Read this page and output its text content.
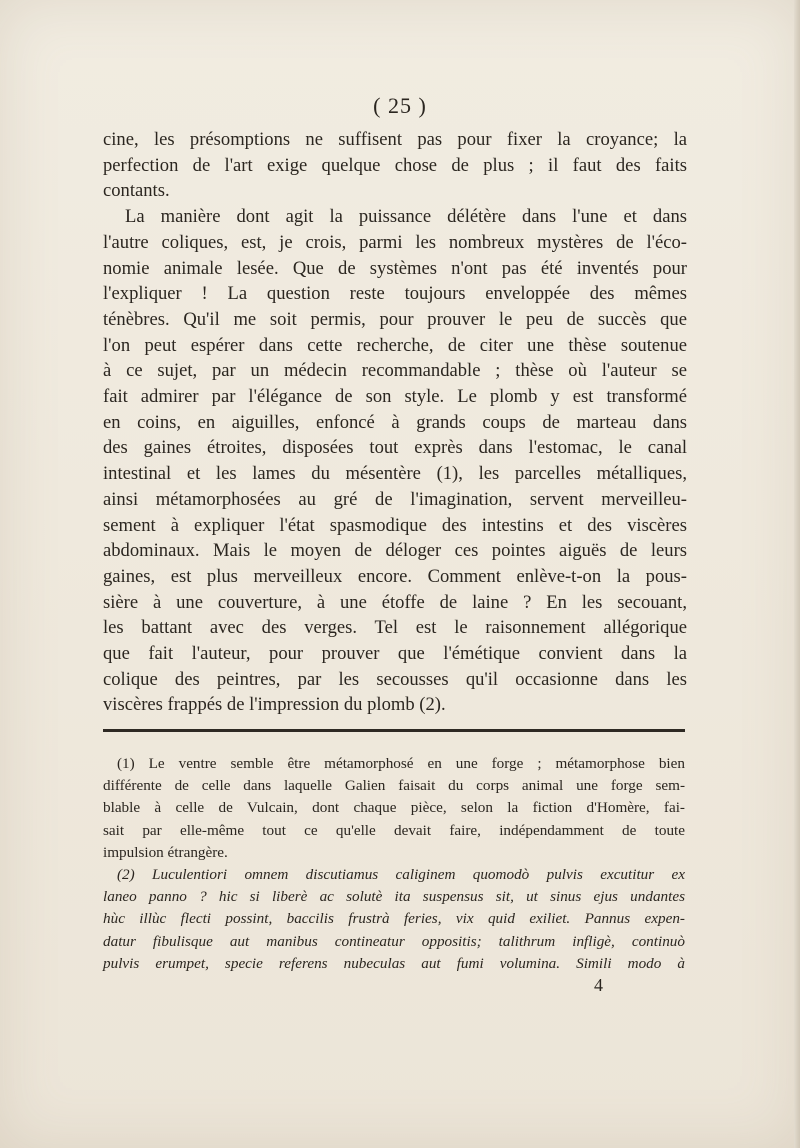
( 25 )

cine, les présomptions ne suffisent pas pour fixer la croyance; la

perfection de l'art exige quelque chose de plus ; il faut des faits

contants.

La manière dont agit la puissance délétère dans l'une et dans

l'autre coliques, est, je crois, parmi les nombreux mystères de l'éco-

nomie animale lesée. Que de systèmes n'ont pas été inventés pour

l'expliquer ! La question reste toujours enveloppée des mêmes

ténèbres. Qu'il me soit permis, pour prouver le peu de succès que

l'on peut espérer dans cette recherche, de citer une thèse soutenue

à ce sujet, par un médecin recommandable ; thèse où l'auteur se

fait admirer par l'élégance de son style. Le plomb y est transformé

en coins, en aiguilles, enfoncé à grands coups de marteau dans

des gaines étroites, disposées tout exprès dans l'estomac, le canal

intestinal et les lames du mésentère (1), les parcelles métalliques,

ainsi métamorphosées au gré de l'imagination, servent merveilleu-

sement à expliquer l'état spasmodique des intestins et des viscères

abdominaux. Mais le moyen de déloger ces pointes aiguës de leurs

gaines, est plus merveilleux encore. Comment enlève-t-on la pous-

sière à une couverture, à une étoffe de laine ? En les secouant,

les battant avec des verges. Tel est le raisonnement allégorique

que fait l'auteur, pour prouver que l'émétique convient dans la

colique des peintres, par les secousses qu'il occasionne dans les

viscères frappés de l'impression du plomb (2).

(1) Le ventre semble être métamorphosé en une forge ; métamorphose bien

différente de celle dans laquelle Galien faisait du corps animal une forge sem-

blable à celle de Vulcain, dont chaque pièce, selon la fiction d'Homère, fai-

sait par elle-même tout ce qu'elle devait faire, indépendamment de toute

impulsion étrangère.

(2) Luculentiori omnem discutiamus caliginem quomodò pulvis excutitur ex

laneo panno ? hic si liberè ac solutè ita suspensus sit, ut sinus ejus undantes

hùc illùc flecti possint, baccilis frustrà feries, vix quid exiliet. Pannus expen-

datur fibulisque aut manibus contineatur oppositis; talithrum infligè, continuò

pulvis erumpet, specie referens nubeculas aut fumi volumina. Simili modo à

4
